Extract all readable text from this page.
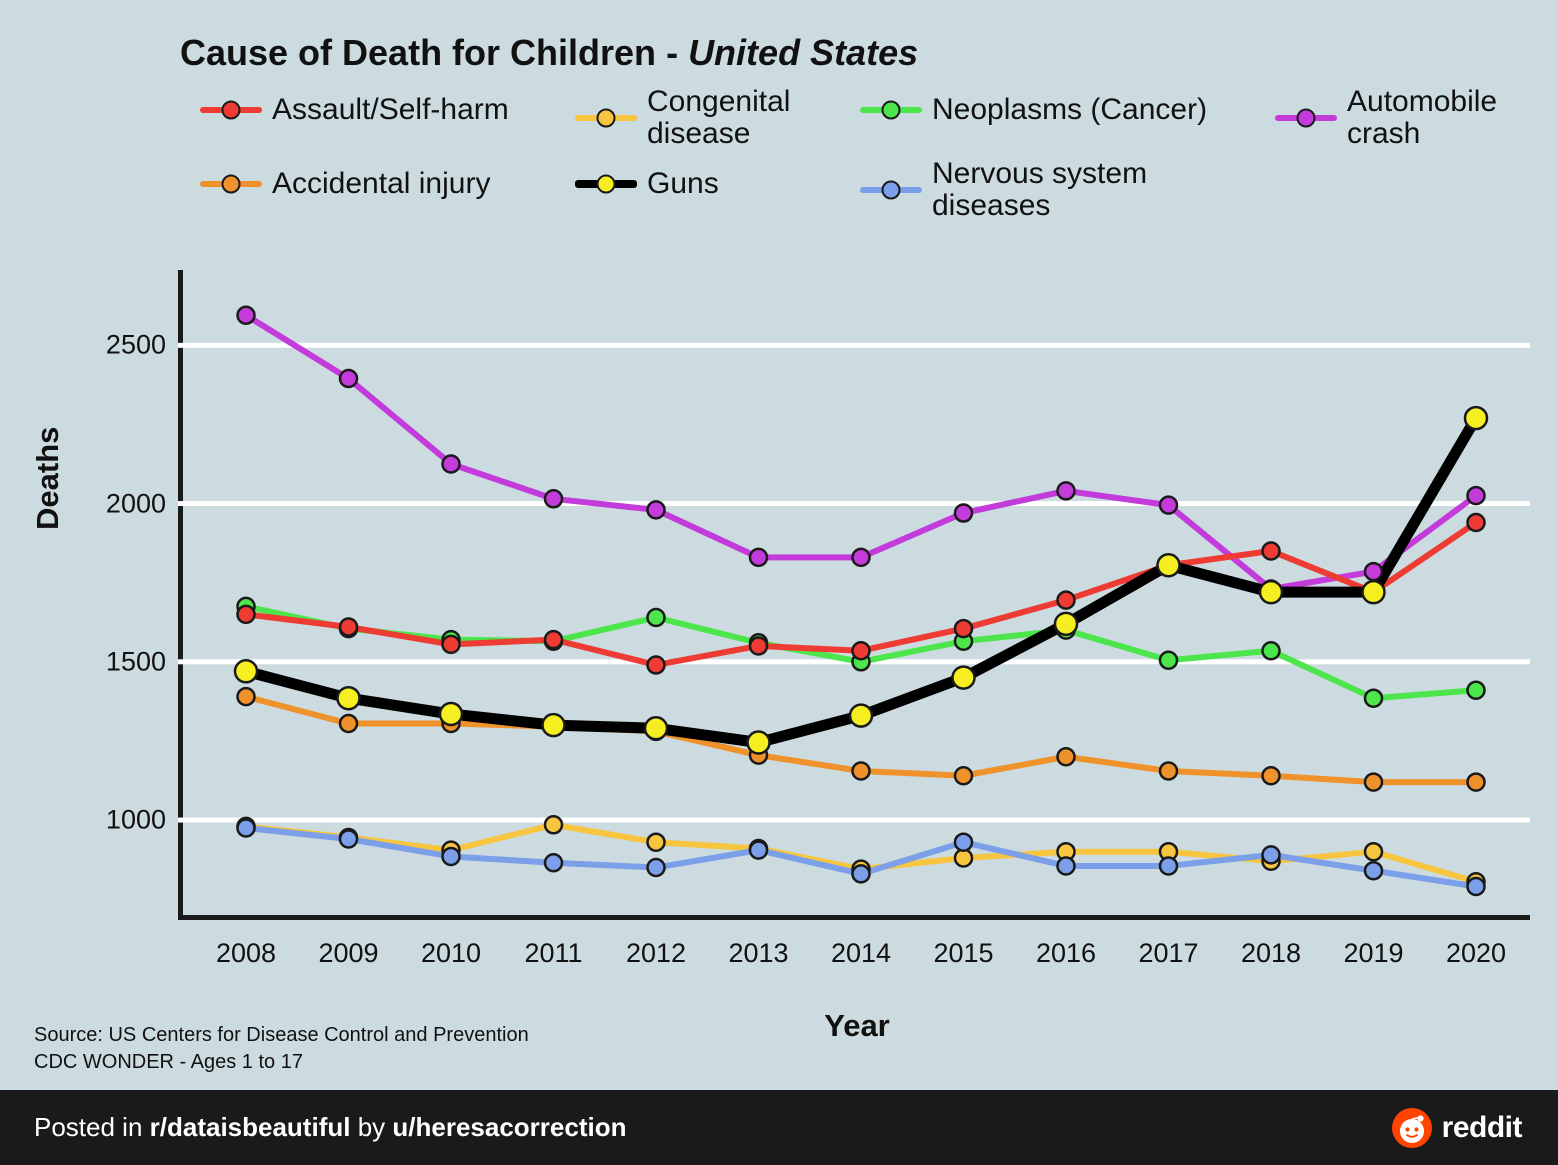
Cause of Death for Children - United States
Assault/Self-harm
Accidental injury
Congenital disease
Guns
Neoplasms (Cancer)
Nervous system diseases
Automobile crash
Deaths
1000
1500
2000
2500
2008 2009 2010 2011 2012 2013 2014 2015 2016 2017 2018 2019 2020
Year
Source: US Centers for Disease Control and Prevention
CDC WONDER - Ages 1 to 17
Posted in r/dataisbeautiful by u/heresacorrection	reddit
